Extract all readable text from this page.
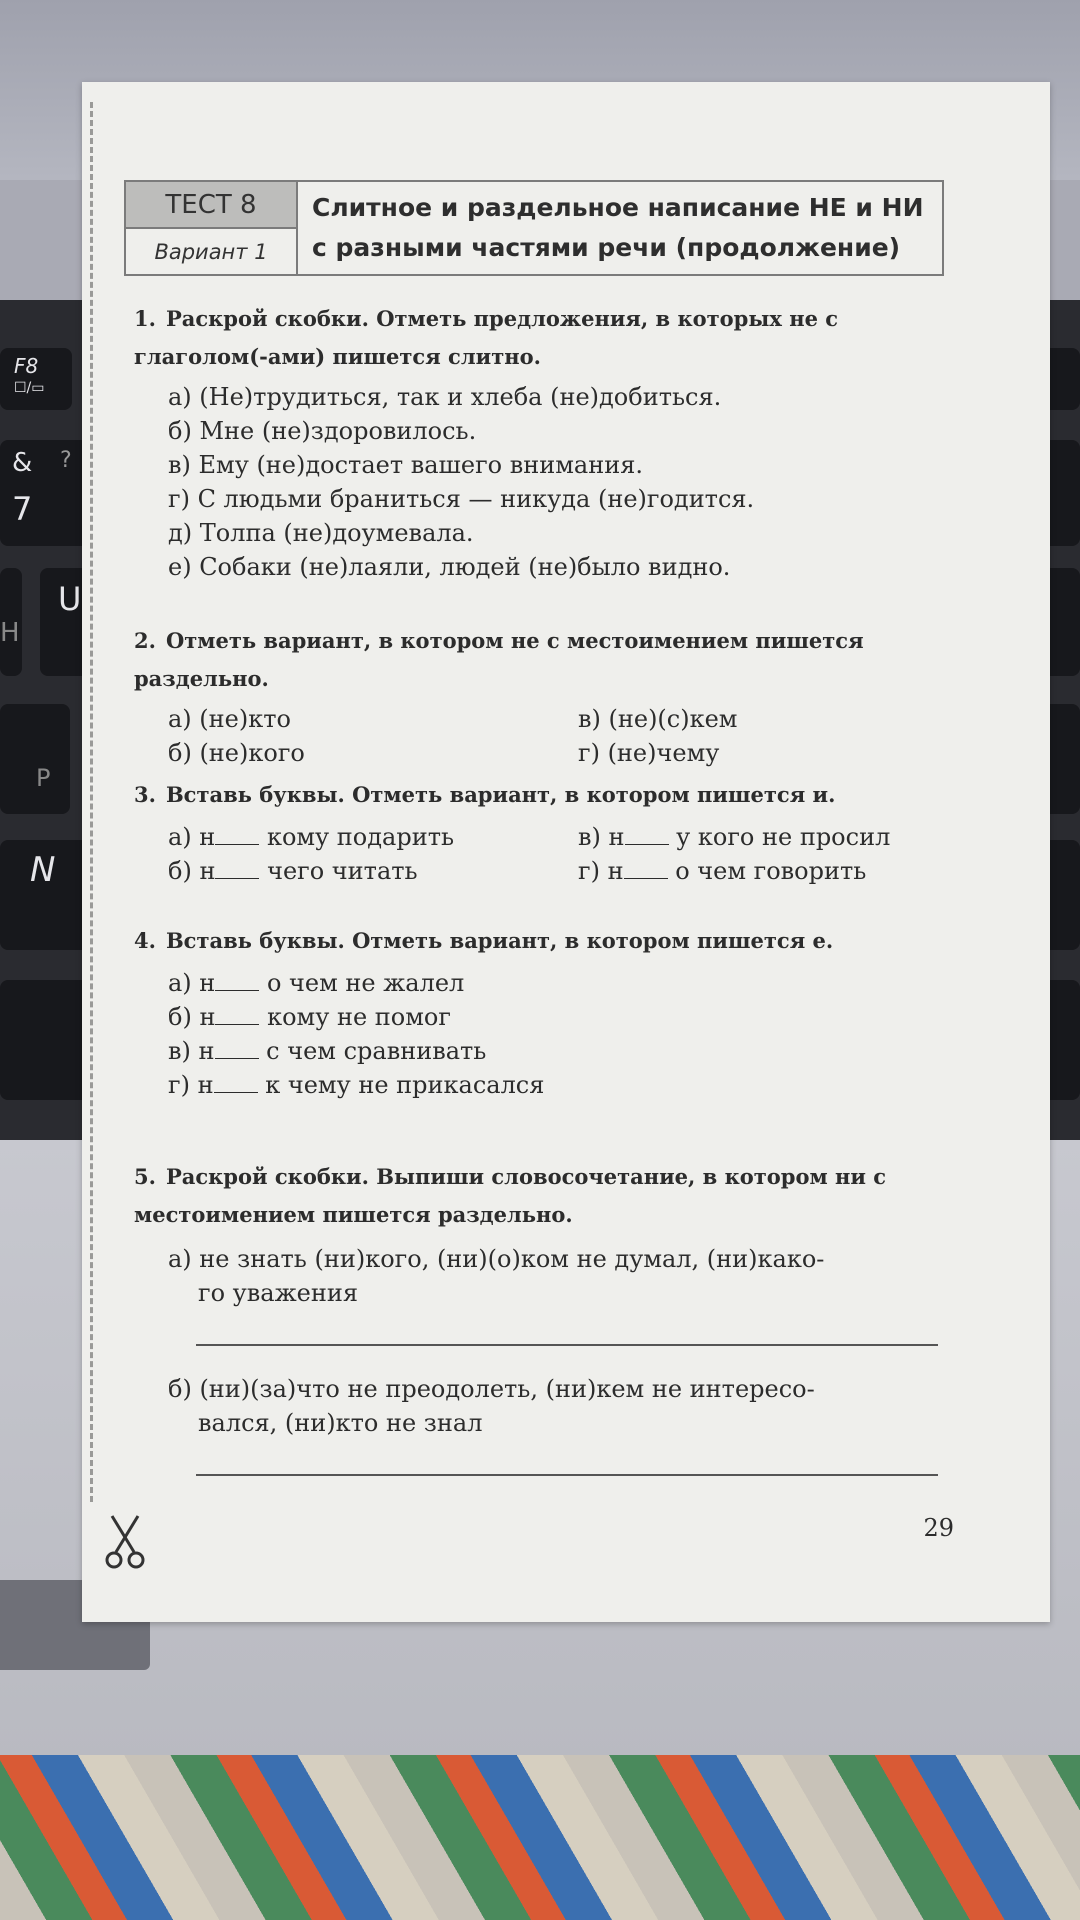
F8
☐/▭
& ?
7
H
U
P
N
ТЕСТ 8
Вариант 1
Слитное и раздельное написание НЕ и НИ
с разными частями речи (продолжение)
1. Раскрой скобки. Отметь предложения, в которых не с глаголом(-ами) пишется слитно.
а) (Не)трудиться, так и хлеба (не)добиться.
б) Мне (не)здоровилось.
в) Ему (не)достает вашего внимания.
г) С людьми браниться — никуда (не)годится.
д) Толпа (не)доумевала.
е) Собаки (не)лаяли, людей (не)было видно.
2. Отметь вариант, в котором не с местоимением пишется раздельно.
а) (не)кто	в) (не)(с)кем
б) (не)кого	г) (не)чему
3. Вставь буквы. Отметь вариант, в котором пишется и.
а) н кому подарить	в) н у кого не просил
б) н чего читать	г) н о чем говорить
4. Вставь буквы. Отметь вариант, в котором пишется е.
а) н о чем не жалел
б) н кому не помог
в) н с чем сравнивать
г) н к чему не прикасался
5. Раскрой скобки. Выпиши словосочетание, в котором ни с местоимением пишется раздельно.
а) не знать (ни)кого, (ни)(о)ком не думал, (ни)како-
го уважения
б) (ни)(за)что не преодолеть, (ни)кем не интересо-
вался, (ни)кто не знал
29
